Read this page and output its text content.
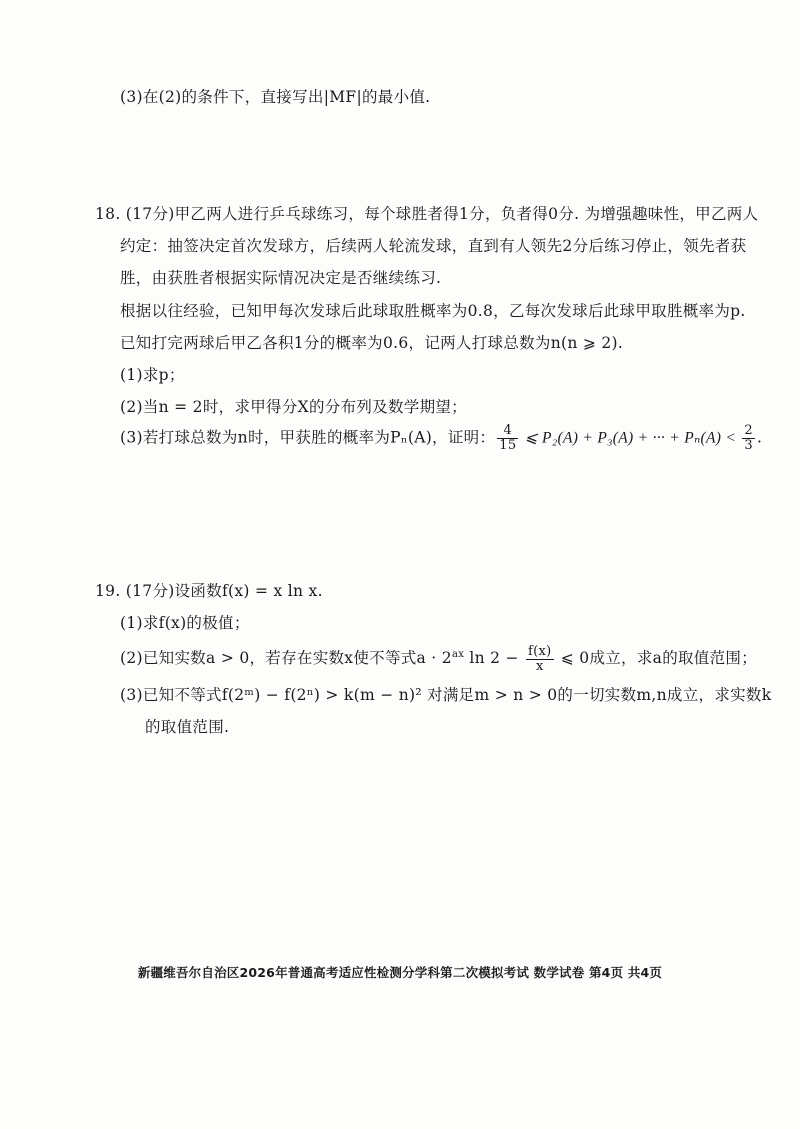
(3)在(2)的条件下，直接写出|MF|的最小值.
18. (17分)甲乙两人进行乒乓球练习，每个球胜者得1分，负者得0分. 为增强趣味性，甲乙两人
约定：抽签决定首次发球方，后续两人轮流发球，直到有人领先2分后练习停止，领先者获
胜，由获胜者根据实际情况决定是否继续练习.
根据以往经验，已知甲每次发球后此球取胜概率为0.8，乙每次发球后此球甲取胜概率为p.
已知打完两球后甲乙各积1分的概率为0.6，记两人打球总数为n(n ⩾ 2).
(1)求p；
(2)当n = 2时，求甲得分X的分布列及数学期望；
(3)若打球总数为n时，甲获胜的概率为Pₙ(A)，证明： $\frac{4}{15}$ ⩽ P₂(A) + P₃(A) + ··· + $P_n(A) < \frac{2}{3}$ .
19. (17分)设函数f(x) = x ln x.
(1)求f(x)的极值；
(2)已知实数a > 0，若存在实数x使不等式$a \cdot 2^{ax}$ $\ln 2 - \frac{f(x)}{x}$ ⩽ 0成立，求a的取值范围；
(3)已知不等式f(2ᵐ) − f(2ⁿ) > k(m − n)² 对满足m > n > 0的一切实数m,n成立，求实数k
的取值范围.
新疆维吾尔自治区2026年普通高考适应性检测分学科第二次模拟考试 数学试卷 第4页 共4页
